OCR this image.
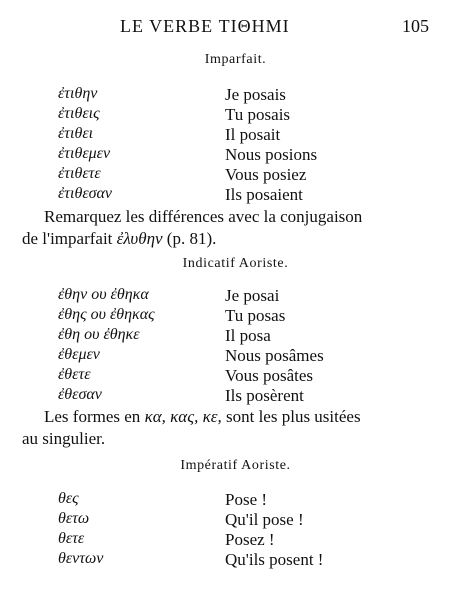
LE VERBE ΤΙΘΗΜΙ	105
Imparfait.
ἐτιθην	Je posais
ἐτιθεις	Tu posais
ἐτιθει	Il posait
ἐτιθεμεν	Nous posions
ἐτιθετε	Vous posiez
ἐτιθεσαν	Ils posaient
Remarquez les différences avec la conjugaison
de l'imparfait ἐλυθην (p. 81).
Indicatif Aoriste.
ἐθην ου ἐθηκα	Je posai
ἐθης ου ἐθηκας	Tu posas
ἐθη ου ἐθηκε	Il posa
ἐθεμεν	Nous posâmes
ἐθετε	Vous posâtes
ἐθεσαν	Ils posèrent
Les formes en κα, κας, κε, sont les plus usitées
au singulier.
Impératif Aoriste.
θες	Pose !
θετω	Qu'il pose !
θετε	Posez !
θεντων	Qu'ils posent !
